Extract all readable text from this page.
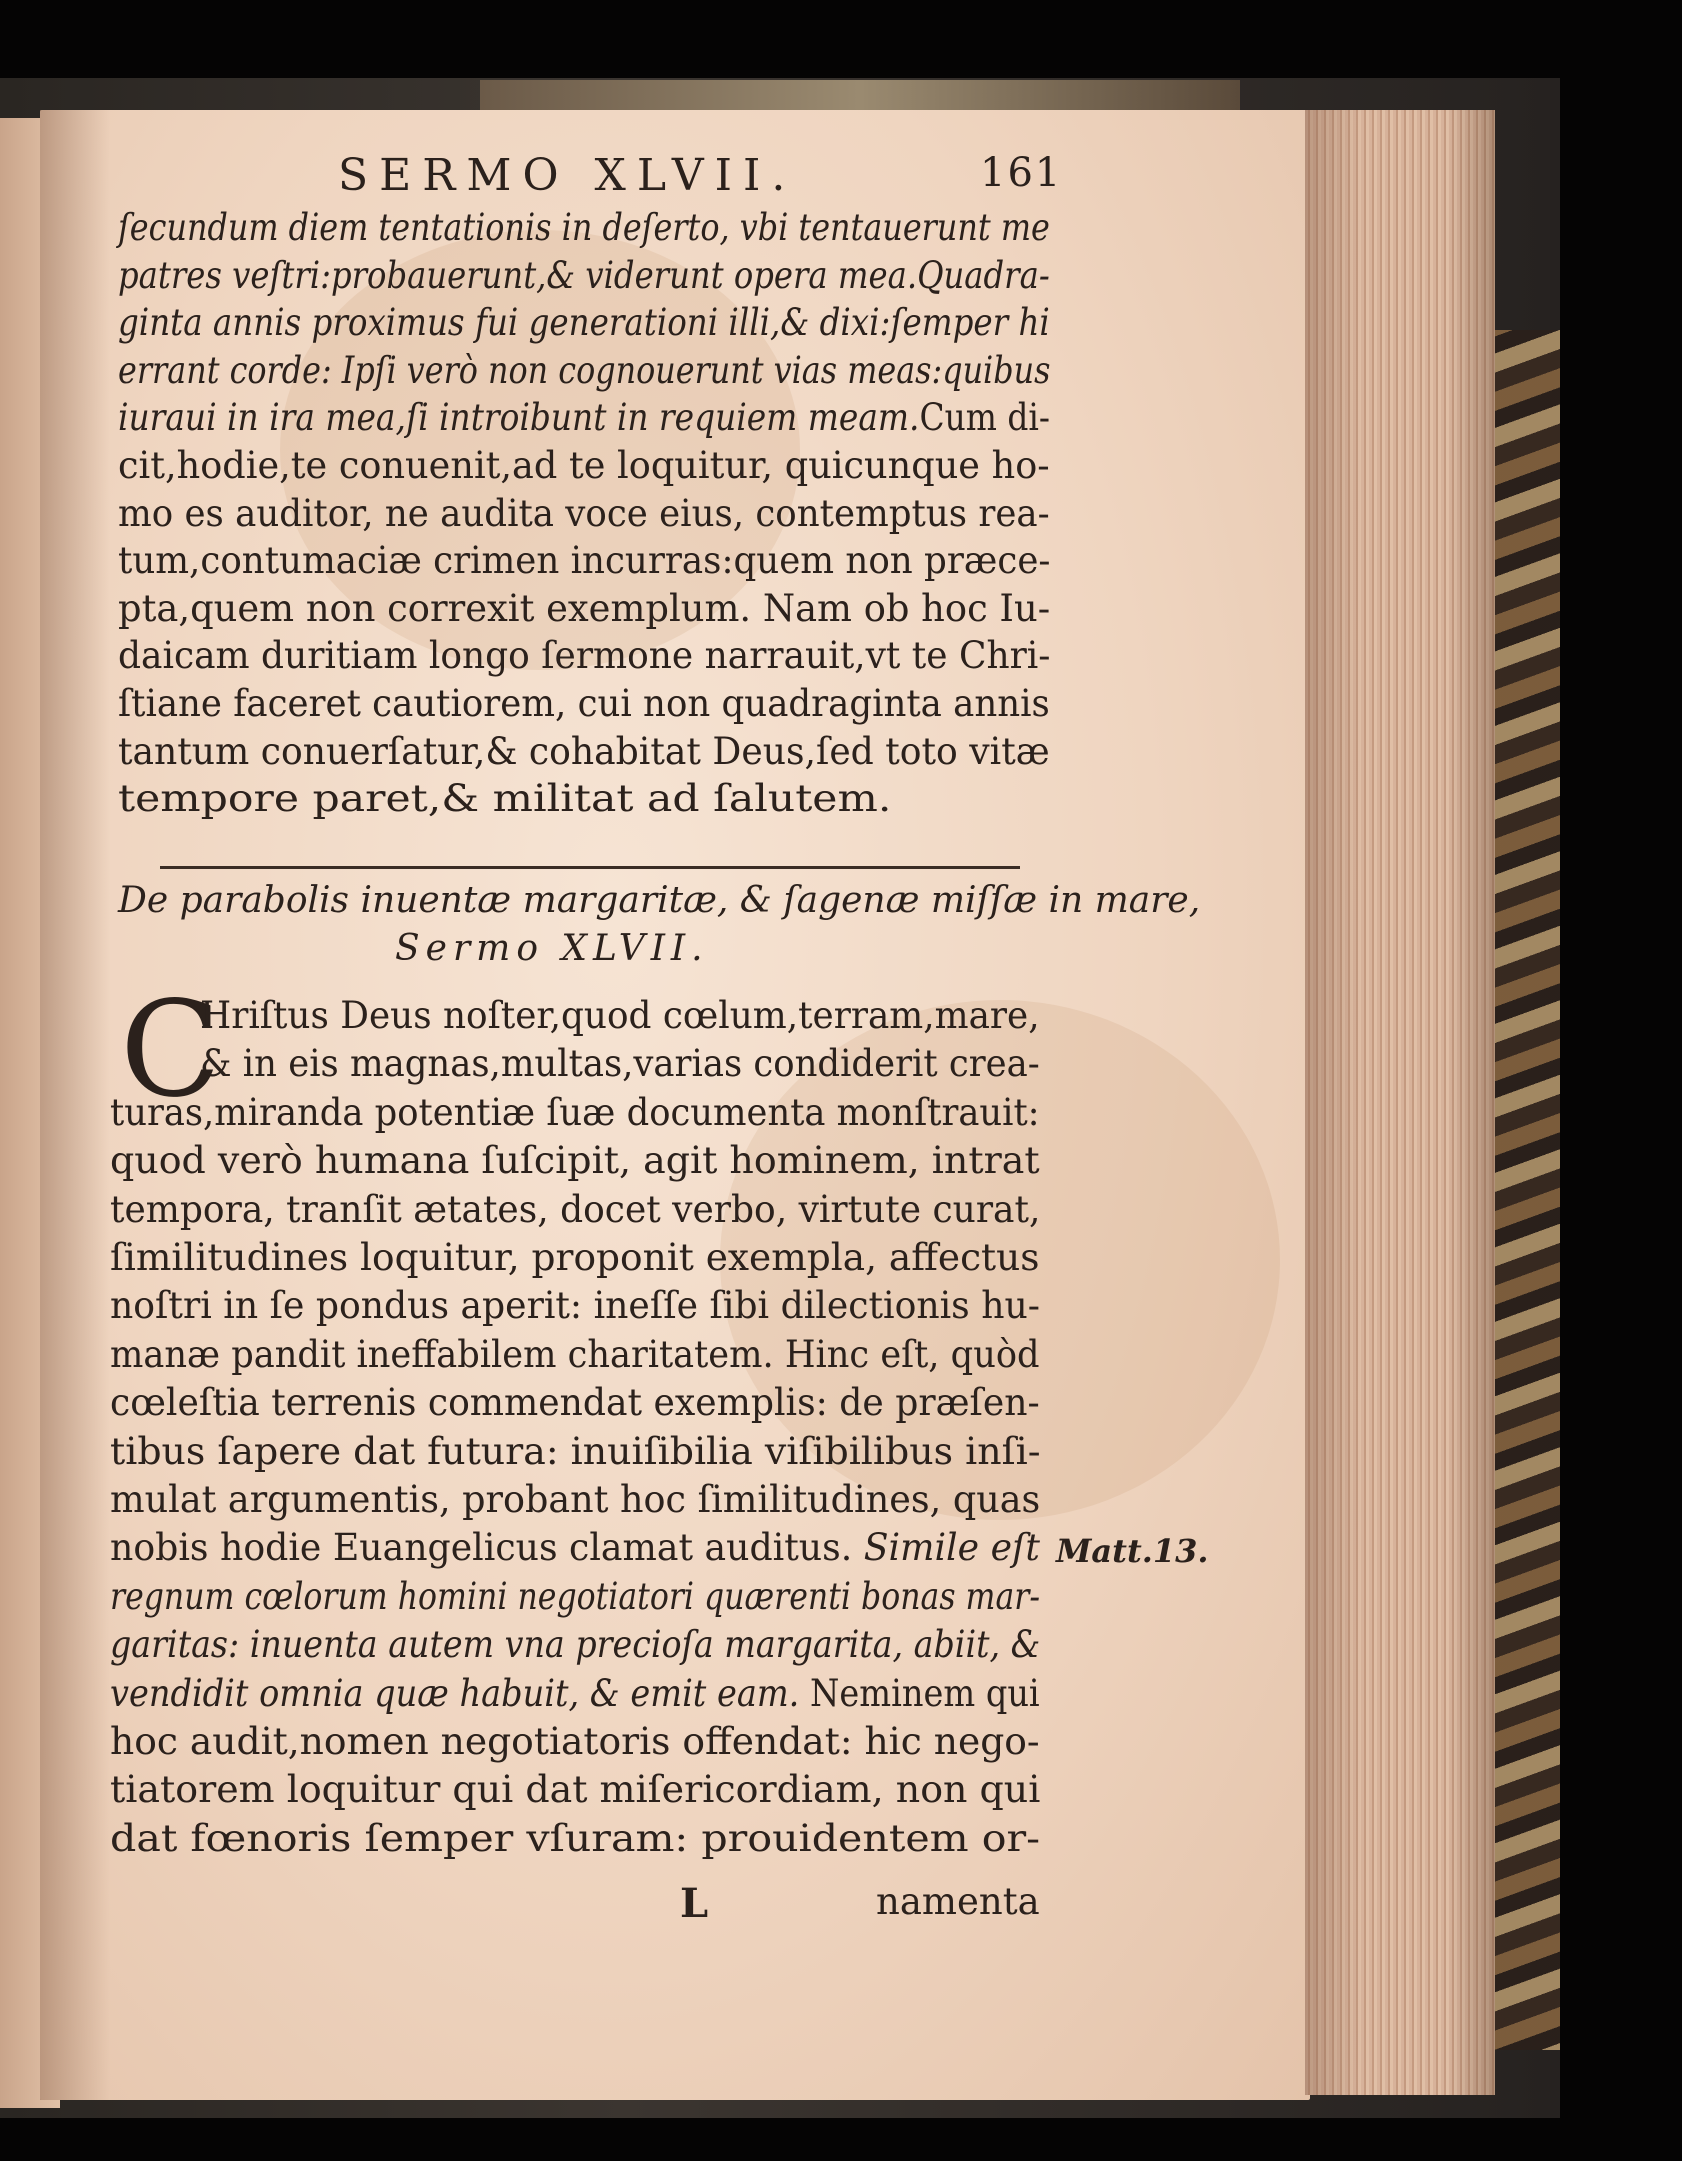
SERMO XLVII.	161
ſecundum diem tentationis in deſerto, vbi tentauerunt me
patres veſtri:probauerunt,& viderunt opera mea.Quadra-
ginta annis proximus fui generationi illi,& dixi:ſemper hi
errant corde: Ipſi verò non cognouerunt vias meas:quibus
iuraui in ira mea,ſi introibunt in requiem meam.Cum di-
cit,hodie,te conuenit,ad te loquitur, quicunque ho-
mo es auditor, ne audita voce eius, contemptus rea-
tum,contumaciæ crimen incurras:quem non præce-
pta,quem non correxit exemplum. Nam ob hoc Iu-
daicam duritiam longo ſermone narrauit,vt te Chri-
ſtiane faceret cautiorem, cui non quadraginta annis
tantum conuerſatur,& cohabitat Deus,ſed toto vitæ
tempore paret,& militat ad ſalutem.
De parabolis inuentæ margaritæ, & ſagenæ miſſæ in mare,
Sermo XLVII.
C
Hriſtus Deus noſter,quod cœlum,terram,mare,
& in eis magnas,multas,varias condiderit crea-
turas,miranda potentiæ ſuæ documenta monſtrauit:
quod verò humana ſuſcipit, agit hominem, intrat
tempora, tranſit ætates, docet verbo, virtute curat,
ſimilitudines loquitur, proponit exempla, affectus
noſtri in ſe pondus aperit: ineſſe ſibi dilectionis hu-
manæ pandit ineffabilem charitatem. Hinc eſt, quòd
cœleſtia terrenis commendat exemplis: de præſen-
tibus ſapere dat futura: inuiſibilia viſibilibus inſi-
mulat argumentis, probant hoc ſimilitudines, quas
nobis hodie Euangelicus clamat auditus. Simile eſt
regnum cœlorum homini negotiatori quærenti bonas mar-
garitas: inuenta autem vna precioſa margarita, abiit, &
vendidit omnia quæ habuit, & emit eam. Neminem qui
hoc audit,nomen negotiatoris offendat: hic nego-
tiatorem loquitur qui dat miſericordiam, non qui
dat fœnoris ſemper vſuram: prouidentem or-
Matt.13.
L	namenta
